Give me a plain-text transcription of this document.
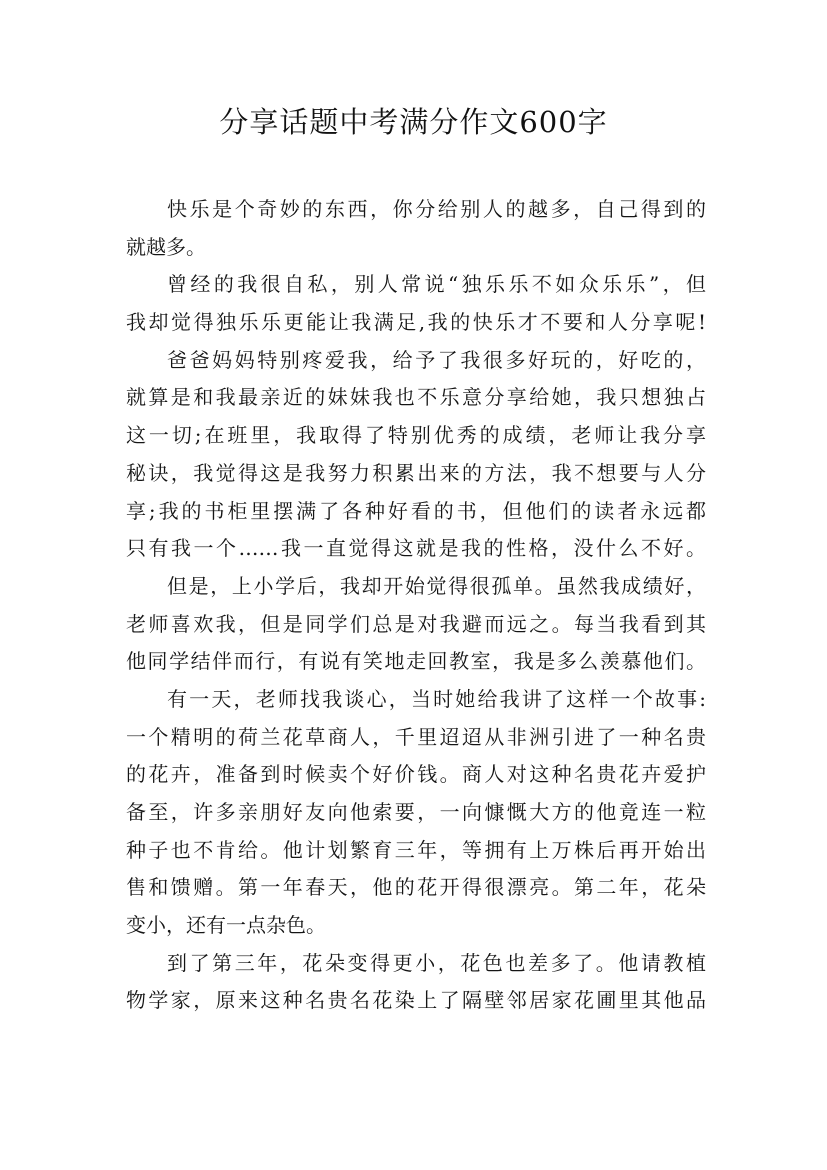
分享话题中考满分作文600字
快乐是个奇妙的东西，你分给别人的越多，自己得到的
就越多。
曾经的我很自私，别人常说“独乐乐不如众乐乐”，但
我却觉得独乐乐更能让我满足,我的快乐才不要和人分享呢!
爸爸妈妈特别疼爱我，给予了我很多好玩的，好吃的，
就算是和我最亲近的妹妹我也不乐意分享给她，我只想独占
这一切;在班里，我取得了特别优秀的成绩，老师让我分享
秘诀，我觉得这是我努力积累出来的方法，我不想要与人分
享;我的书柜里摆满了各种好看的书，但他们的读者永远都
只有我一个……我一直觉得这就是我的性格，没什么不好。
但是，上小学后，我却开始觉得很孤单。虽然我成绩好，
老师喜欢我，但是同学们总是对我避而远之。每当我看到其
他同学结伴而行，有说有笑地走回教室，我是多么羡慕他们。
有一天，老师找我谈心，当时她给我讲了这样一个故事:
一个精明的荷兰花草商人，千里迢迢从非洲引进了一种名贵
的花卉，准备到时候卖个好价钱。商人对这种名贵花卉爱护
备至，许多亲朋好友向他索要，一向慷慨大方的他竟连一粒
种子也不肯给。他计划繁育三年，等拥有上万株后再开始出
售和馈赠。第一年春天，他的花开得很漂亮。第二年，花朵
变小，还有一点杂色。
到了第三年，花朵变得更小，花色也差多了。他请教植
物学家，原来这种名贵名花染上了隔壁邻居家花圃里其他品
